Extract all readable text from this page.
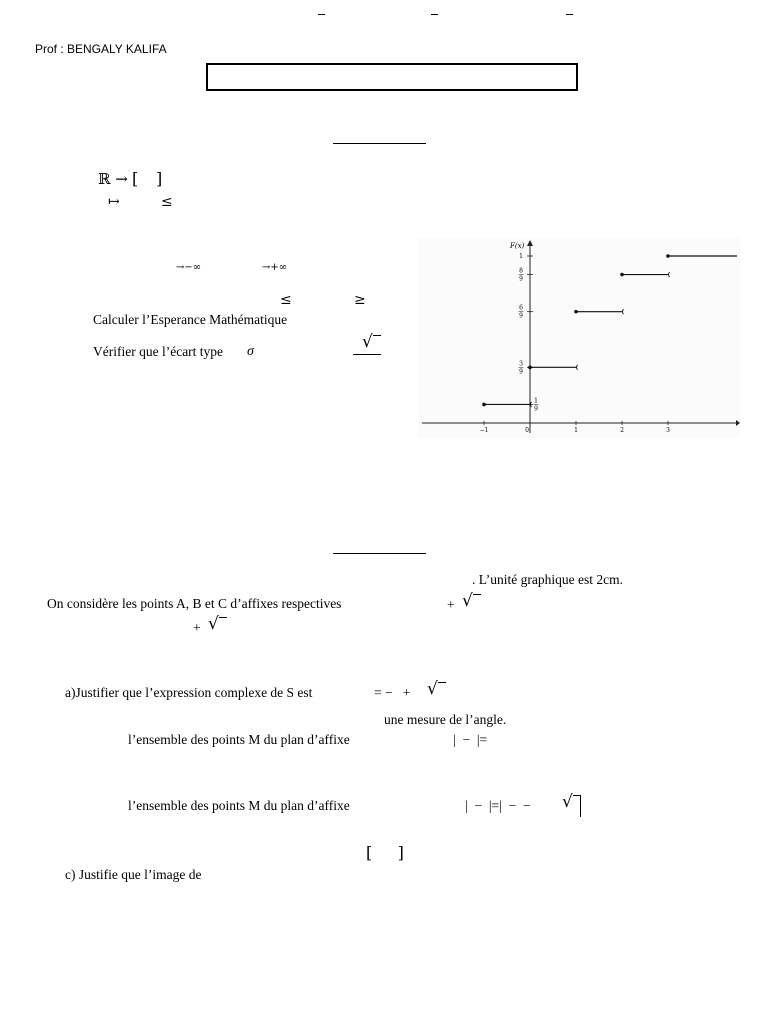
Prof : BENGALY KALIFA
ℝ → [ ]
↦	≤
→−∞	→+∞
≤	≥
Calculer l’Esperance Mathématique
Vérifier que l’écart type σ	√
F(x)
1
8
9
6
9
3
9
1
9
−1	0	1	2	3
. L’unité graphique est 2cm.
On considère les points A, B et C d’affixes respectives	+ √
+ √
a)Justifier que l’expression complexe de S est	= −   + √
une mesure de l’angle.
l’ensemble des points M du plan d’affixe	|  −  |=
l’ensemble des points M du plan d’affixe	|  −  |=|  −  − √
[     ]
c) Justifie que l’image de
